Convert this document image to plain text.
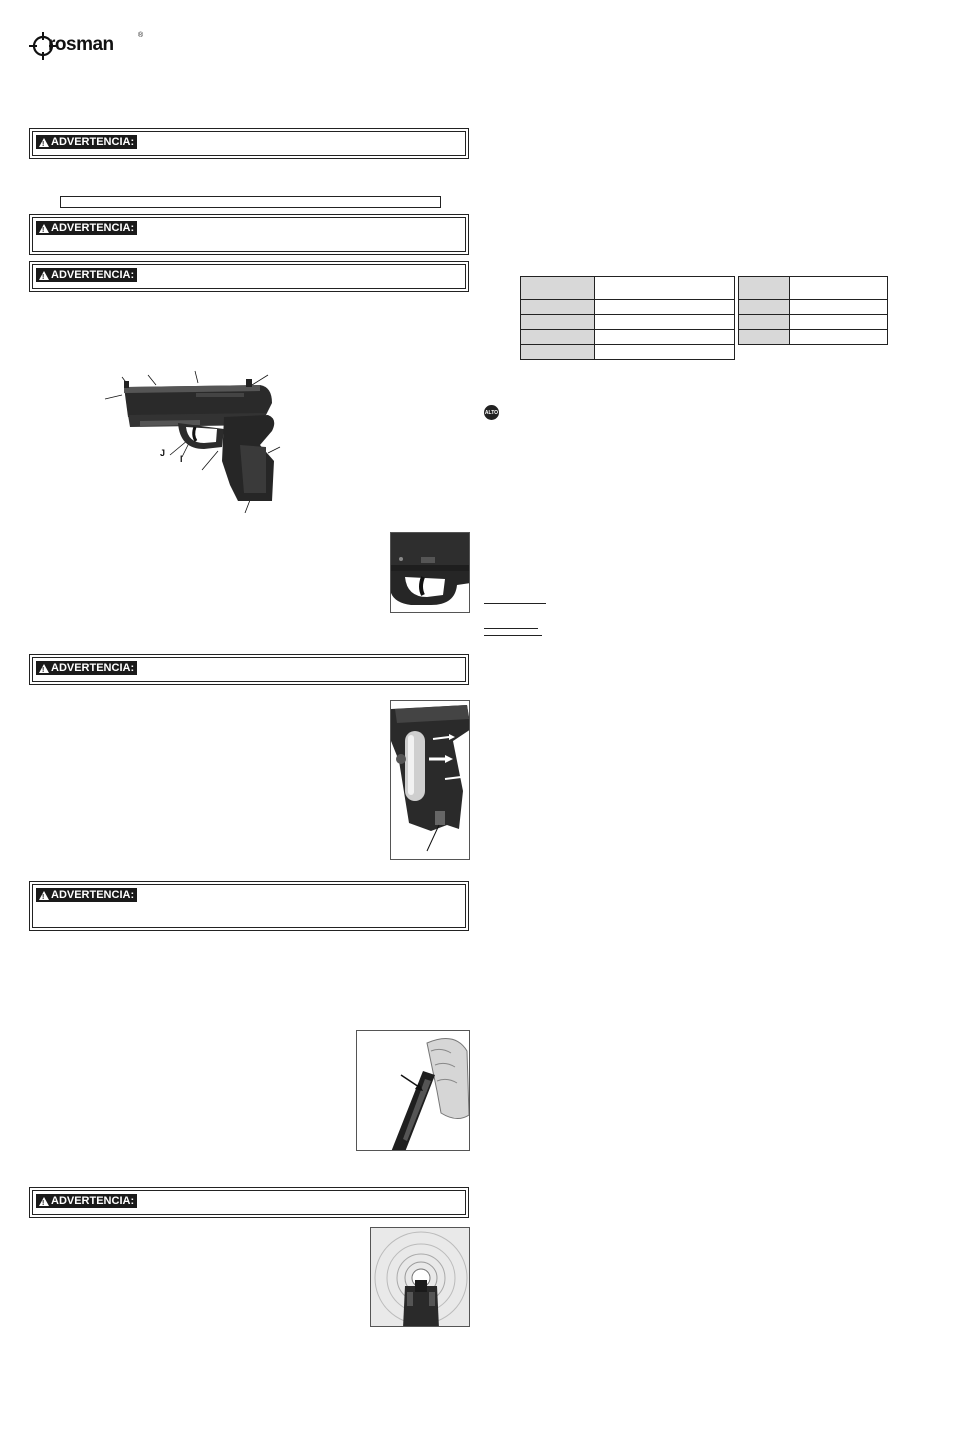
rosman	®
!
ADVERTENCIA:
!
ADVERTENCIA:
!
ADVERTENCIA:
J
I
!
ADVERTENCIA:
!
ADVERTENCIA:
!
ADVERTENCIA:

ALTO
